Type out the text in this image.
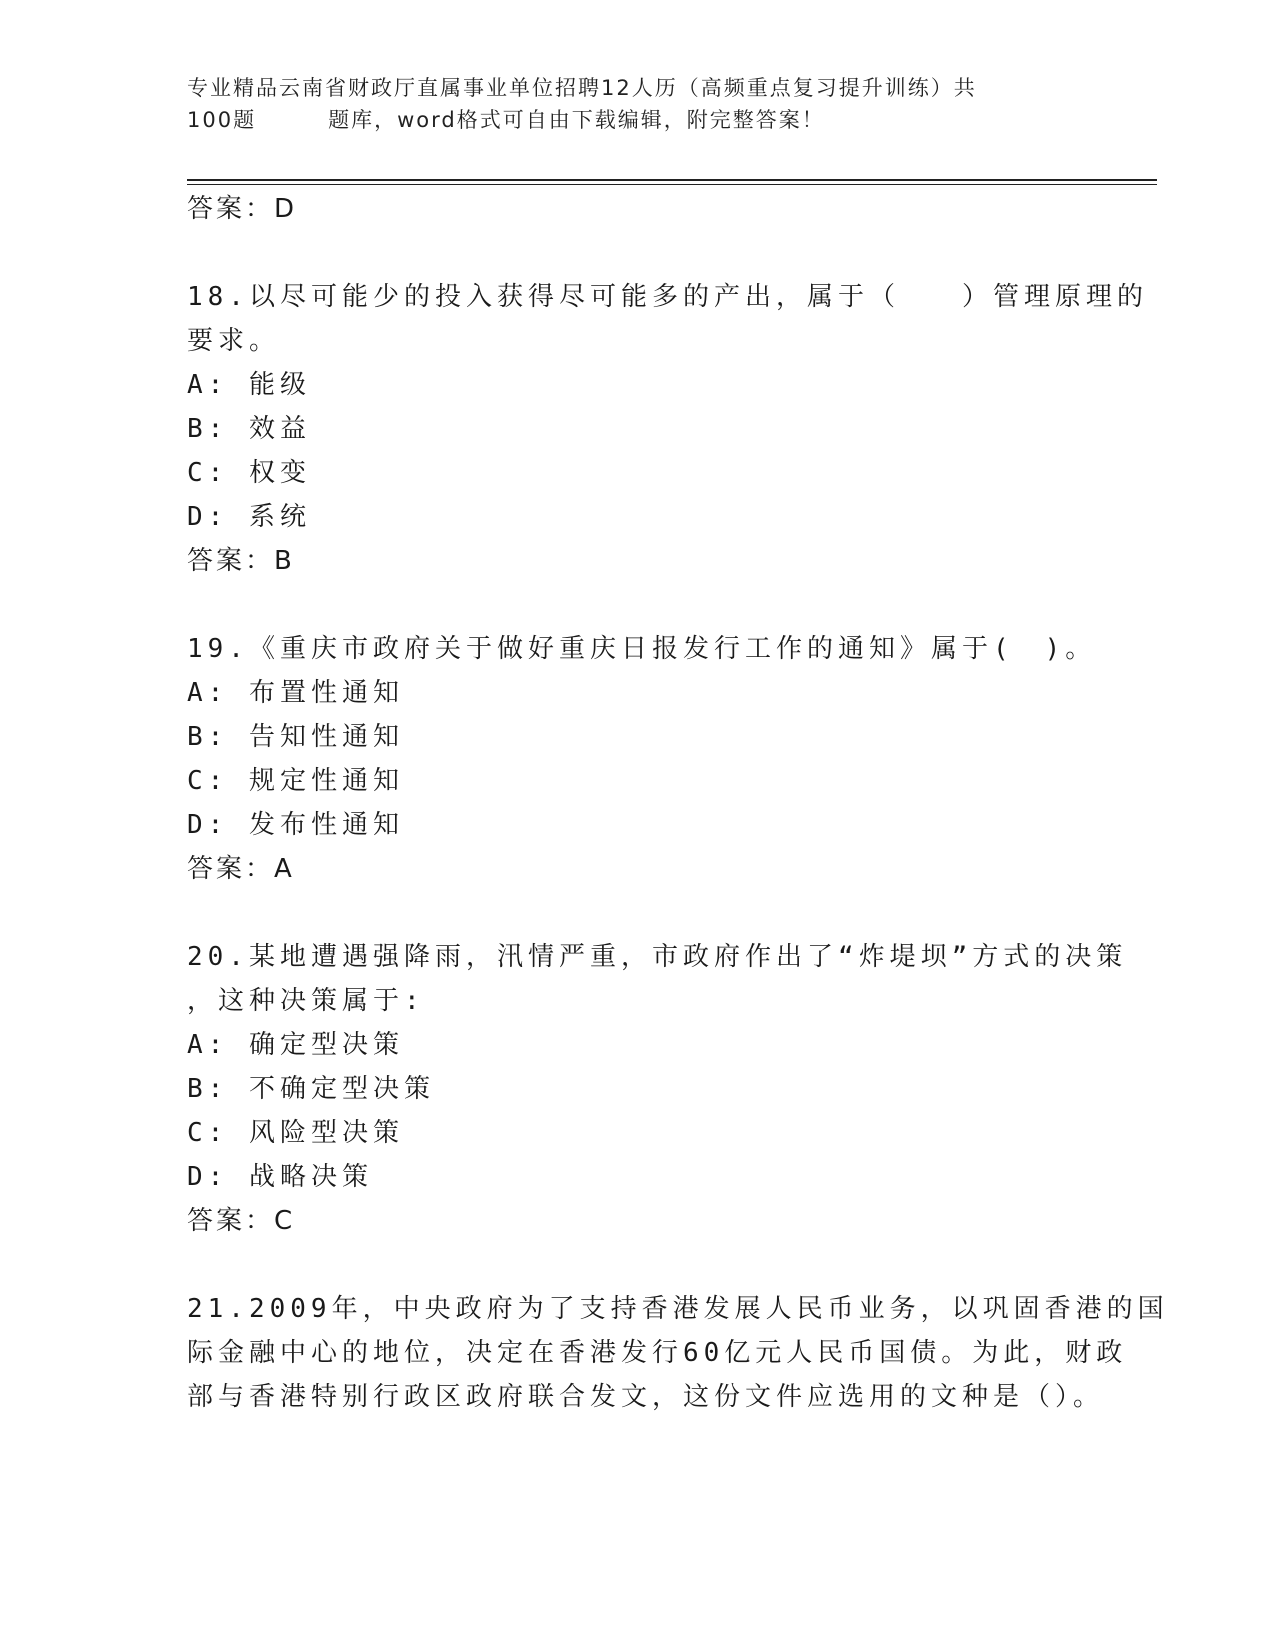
专业精品云南省财政厅直属事业单位招聘12人历（高频重点复习提升训练）共
100题	题库，word格式可自由下载编辑，附完整答案！
答案：D
18.以尽可能少的投入获得尽可能多的产出，属于（　　）管理原理的
要求。
A: 能级
B: 效益
C: 权变
D: 系统
答案：B
19.《重庆市政府关于做好重庆日报发行工作的通知》属于(　)。
A: 布置性通知
B: 告知性通知
C: 规定性通知
D: 发布性通知
答案：A
20.某地遭遇强降雨，汛情严重，市政府作出了“炸堤坝”方式的决策
，这种决策属于:
A: 确定型决策
B: 不确定型决策
C: 风险型决策
D: 战略决策
答案：C
21.2009年，中央政府为了支持香港发展人民币业务，以巩固香港的国
际金融中心的地位，决定在香港发行60亿元人民币国债。为此，财政
部与香港特别行政区政府联合发文，这份文件应选用的文种是（）。
